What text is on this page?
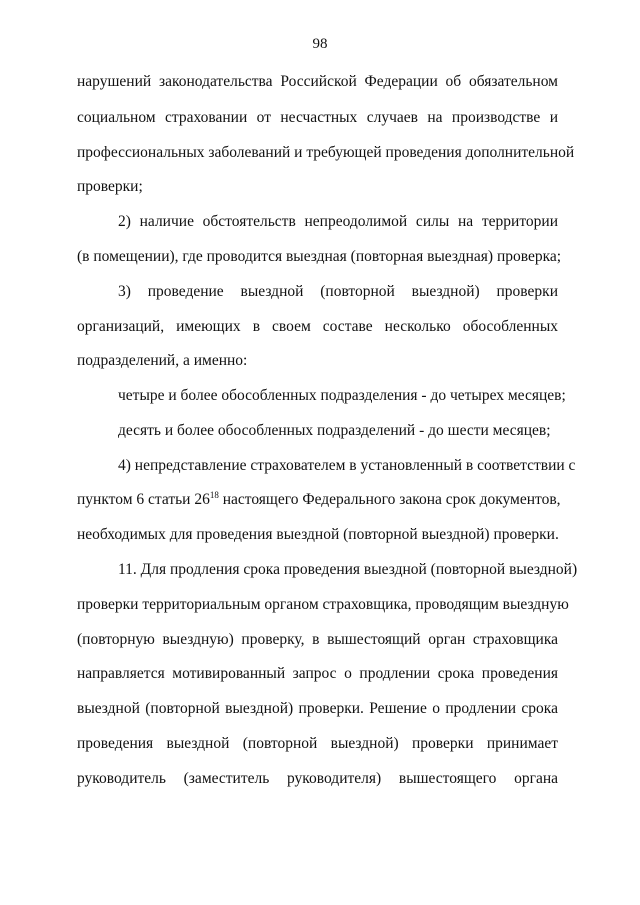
98
нарушений законодательства Российской Федерации об обязательном
социальном страховании от несчастных случаев на производстве и
профессиональных заболеваний и требующей проведения дополнительной
проверки;
2) наличие обстоятельств непреодолимой силы на территории
(в помещении), где проводится выездная (повторная выездная) проверка;
3) проведение выездной (повторной выездной) проверки
организаций, имеющих в своем составе несколько обособленных
подразделений, а именно:
четыре и более обособленных подразделения - до четырех месяцев;
десять и более обособленных подразделений - до шести месяцев;
4) непредставление страхователем в установленный в соответствии с
пунктом 6 статьи $26^{18}$ настоящего Федерального закона срок документов,
необходимых для проведения выездной (повторной выездной) проверки.
11. Для продления срока проведения выездной (повторной выездной)
проверки территориальным органом страховщика, проводящим выездную
(повторную выездную) проверку, в вышестоящий орган страховщика
направляется мотивированный запрос о продлении срока проведения
выездной (повторной выездной) проверки. Решение о продлении срока
проведения выездной (повторной выездной) проверки принимает
руководитель (заместитель руководителя) вышестоящего органа
